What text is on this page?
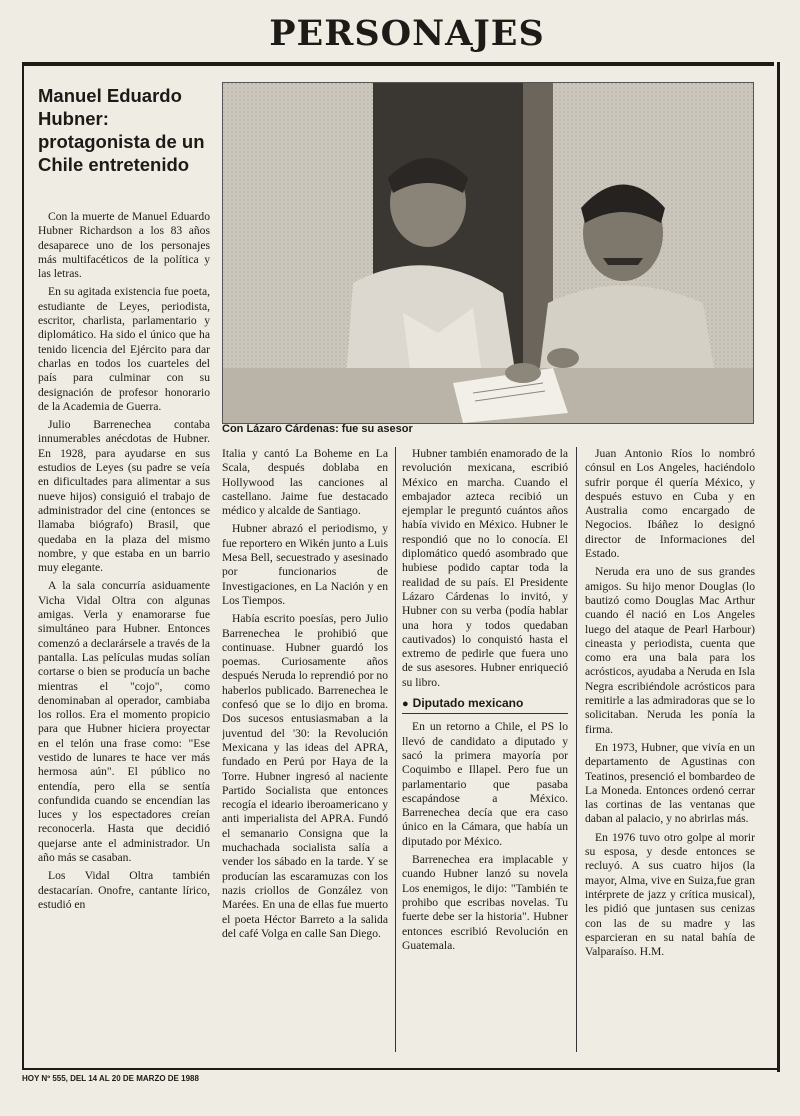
PERSONAJES
Manuel Eduardo Hubner: protagonista de un Chile entretenido
Con Lázaro Cárdenas: fue su asesor

Con la muerte de Manuel Eduardo Hubner Richardson a los 83 años desaparece uno de los personajes más multifacéticos de la política y las letras.

En su agitada existencia fue poeta, estudiante de Leyes, periodista, escritor, charlista, parlamentario y diplomático. Ha sido el único que ha tenido licencia del Ejército para dar charlas en todos los cuarteles del país para culminar con su designación de profesor honorario de la Academia de Guerra.

Julio Barrenechea contaba innumerables anécdotas de Hubner. En 1928, para ayudarse en sus estudios de Leyes (su padre se veía en dificultades para alimentar a sus nueve hijos) consiguió el trabajo de administrador del cine (entonces se llamaba biógrafo) Brasil, que quedaba en la plaza del mismo nombre, y que estaba en un barrio muy elegante.

A la sala concurría asiduamente Vicha Vidal Oltra con algunas amigas. Verla y enamorarse fue simultáneo para Hubner. Entonces comenzó a declarársele a través de la pantalla. Las películas mudas solían cortarse o bien se producía un bache mientras el "cojo", como denominaban al operador, cambiaba los rollos. Era el momento propicio para que Hubner hiciera proyectar en el telón una frase como: "Ese vestido de lunares te hace ver más hermosa aún". El público no entendía, pero ella se sentía confundida cuando se encendían las luces y los espectadores creían reconocerla. Hasta que decidió quejarse ante el administrador. Un año más se casaban.

Los Vidal Oltra también destacarían. Onofre, cantante lírico, estudió en

Italia y cantó La Boheme en La Scala, después doblaba en Hollywood las canciones al castellano. Jaime fue destacado médico y alcalde de Santiago.

Hubner abrazó el periodismo, y fue reportero en Wikén junto a Luis Mesa Bell, secuestrado y asesinado por funcionarios de Investigaciones, en La Nación y en Los Tiempos.

Había escrito poesías, pero Julio Barrenechea le prohibió que continuase. Hubner guardó los poemas. Curiosamente años después Neruda lo reprendió por no haberlos publicado. Barrenechea le confesó que se lo dijo en broma. Dos sucesos entusiasmaban a la juventud del '30: la Revolución Mexicana y las ideas del APRA, fundado en Perú por Haya de la Torre. Hubner ingresó al naciente Partido Socialista que entonces recogía el ideario iberoamericano y anti imperialista del APRA. Fundó el semanario Consigna que la muchachada socialista salía a vender los sábado en la tarde. Y se producían las escaramuzas con los nazis criollos de González von Marées. En una de ellas fue muerto el poeta Héctor Barreto a la salida del café Volga en calle San Diego.

Hubner también enamorado de la revolución mexicana, escribió México en marcha. Cuando el embajador azteca recibió un ejemplar le preguntó cuántos años había vivido en México. Hubner le respondió que no lo conocía. El diplomático quedó asombrado que hubiese podido captar toda la realidad de su país. El Presidente Lázaro Cárdenas lo invitó, y Hubner con su verba (podía hablar una hora y todos quedaban cautivados) lo conquistó hasta el extremo de pedirle que fuera uno de sus asesores. Hubner enriqueció su libro.

● Diputado mexicano

En un retorno a Chile, el PS lo llevó de candidato a diputado y sacó la primera mayoría por Coquimbo e Illapel. Pero fue un parlamentario que pasaba escapándose a México. Barrenechea decía que era caso único en la Cámara, que había un diputado por México.

Barrenechea era implacable y cuando Hubner lanzó su novela Los enemigos, le dijo: "También te prohibo que escribas novelas. Tu fuerte debe ser la historia". Hubner entonces escribió Revolución en Guatemala.

Juan Antonio Ríos lo nombró cónsul en Los Angeles, haciéndolo sufrir porque él quería México, y después estuvo en Cuba y en Australia como encargado de Negocios. Ibáñez lo designó director de Informaciones del Estado.

Neruda era uno de sus grandes amigos. Su hijo menor Douglas (lo bautizó como Douglas Mac Arthur cuando él nació en Los Angeles luego del ataque de Pearl Harbour) cineasta y periodista, cuenta que como era una bala para los acrósticos, ayudaba a Neruda en Isla Negra escribiéndole acrósticos para remitirle a las admiradoras que se lo solicitaban. Neruda les ponía la firma.

En 1973, Hubner, que vivía en un departamento de Agustinas con Teatinos, presenció el bombardeo de La Moneda. Entonces ordenó cerrar las cortinas de las ventanas que daban al palacio, y no abrirlas más.

En 1976 tuvo otro golpe al morir su esposa, y desde entonces se recluyó. A sus cuatro hijos (la mayor, Alma, vive en Suiza,fue gran intérprete de jazz y crítica musical), les pidió que juntasen sus cenizas con las de su madre y las esparcieran en su natal bahía de Valparaíso. H.M.

HOY Nº 555, DEL 14 AL 20 DE MARZO DE 1988
